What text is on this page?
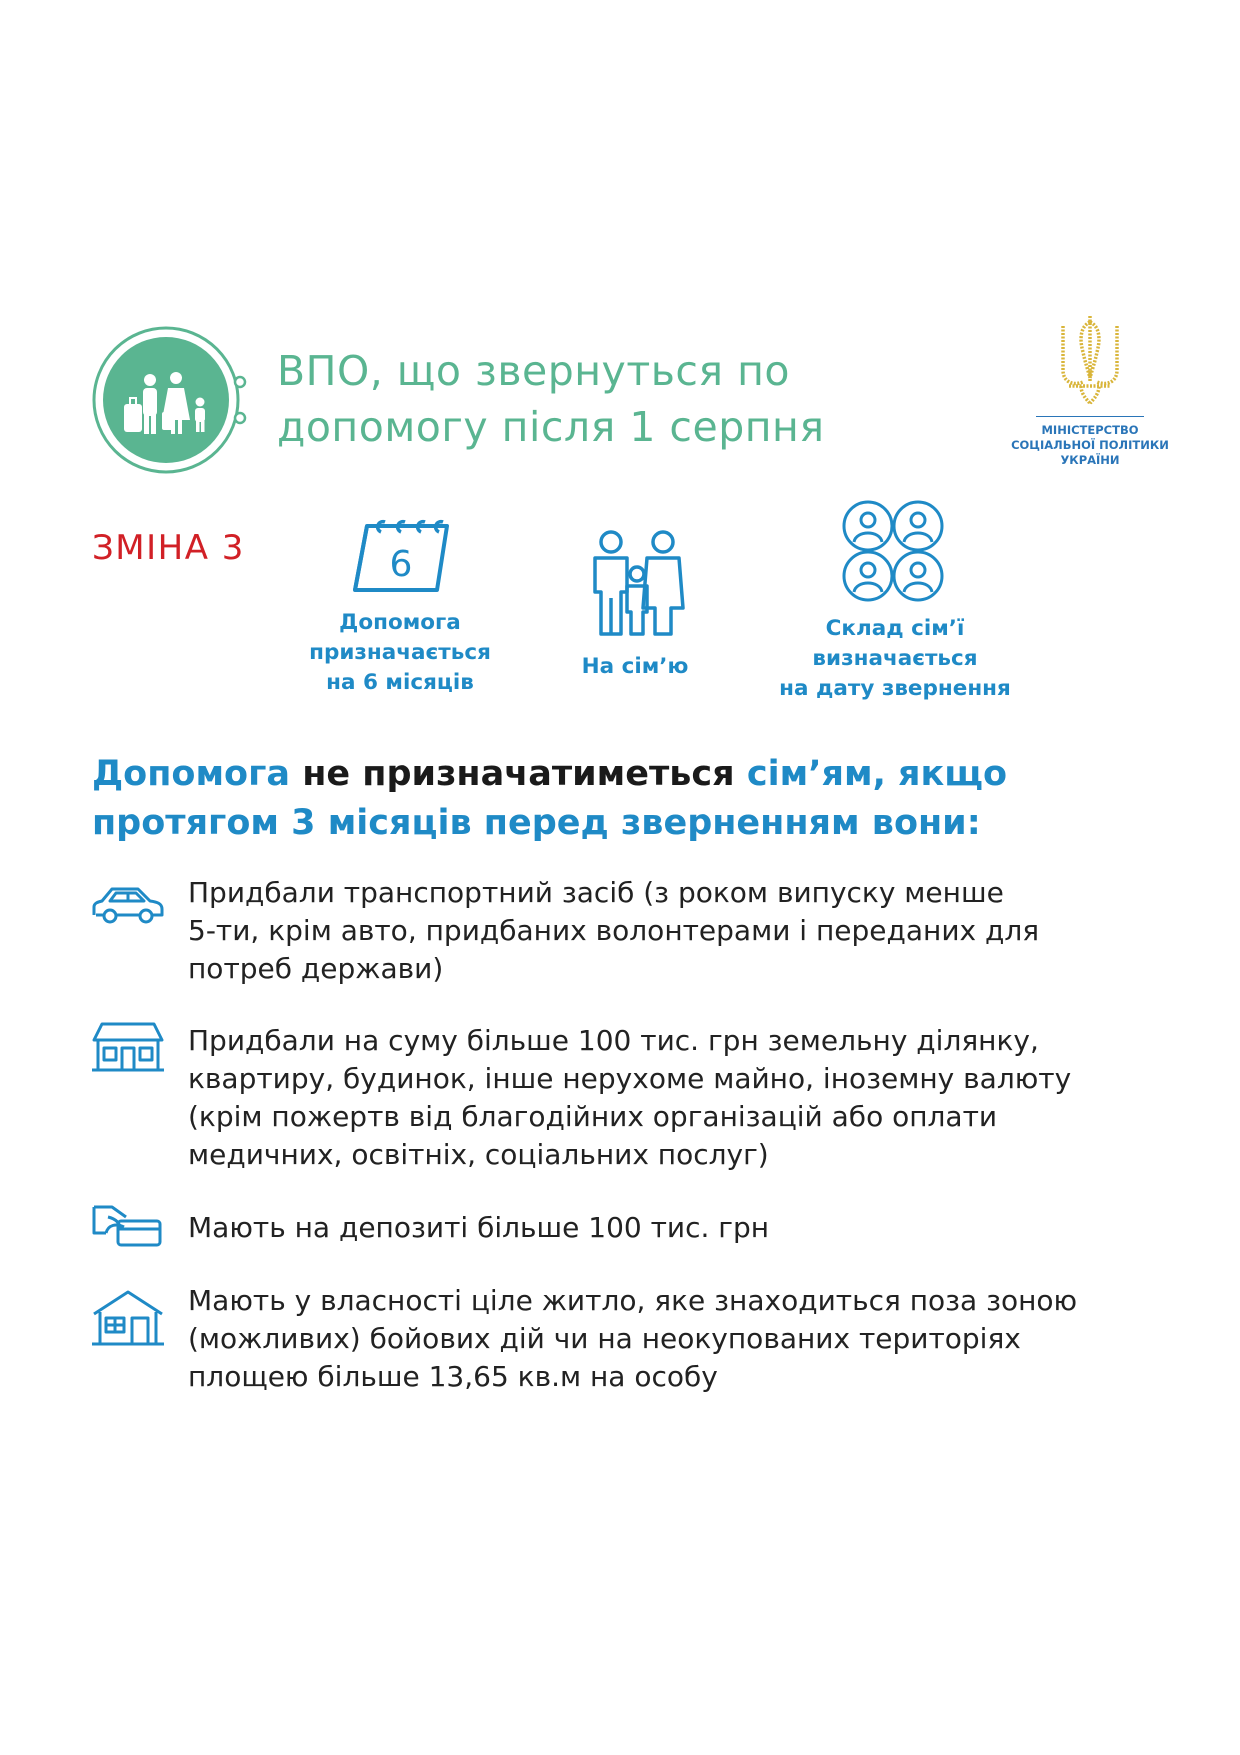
ВПО, що звернуться по
допомогу після 1 серпня	МІНІСТЕРСТВО
СОЦІАЛЬНОЇ ПОЛІТИКИ
УКРАЇНИ
ЗМІНА 3	6
Допомога
призначається
на 6 місяців
На сім’ю
Склад сім’ї
визначається
на дату звернення
Допомога не призначатиметься сім’ям, якщо
протягом 3 місяців перед зверненням вони:
Придбали транспортний засіб (з роком випуску менше
5-ти, крім авто, придбаних волонтерами і переданих для
потреб держави)
Придбали на суму більше 100 тис. грн земельну ділянку,
квартиру, будинок, інше нерухоме майно, іноземну валюту
(крім пожертв від благодійних організацій або оплати
медичних, освітніх, соціальних послуг)
Мають на депозиті більше 100 тис. грн
Мають у власності ціле житло, яке знаходиться поза зоною
(можливих) бойових дій чи на неокупованих територіях
площею більше 13,65 кв.м на особу
